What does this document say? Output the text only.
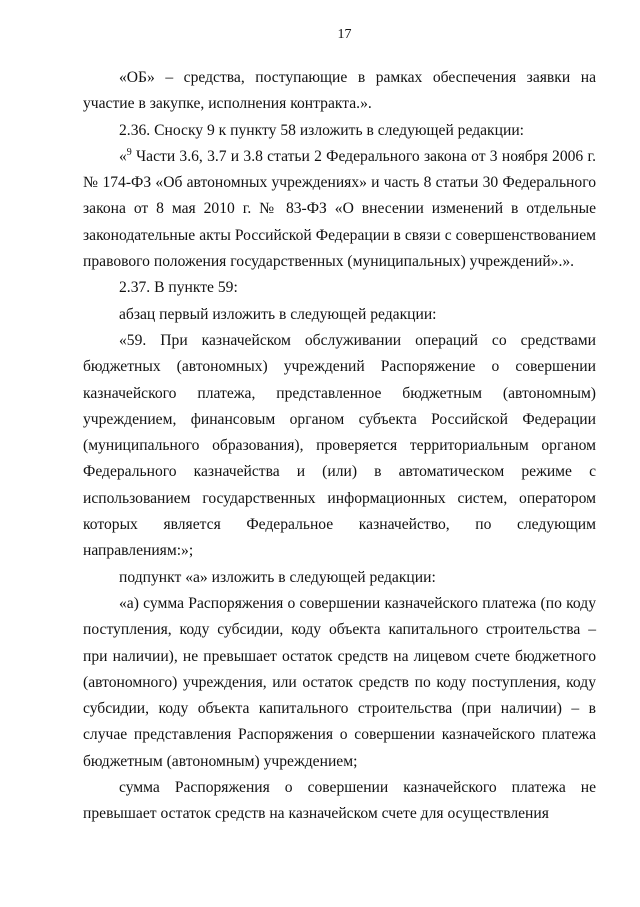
17

«ОБ» – средства, поступающие в рамках обеспечения заявки на участие в закупке, исполнения контракта.».

2.36. Сноску 9 к пункту 58 изложить в следующей редакции:

«$^9$ Части 3.6, 3.7 и 3.8 статьи 2 Федерального закона от 3 ноября 2006 г. № 174-ФЗ «Об автономных учреждениях» и часть 8 статьи 30 Федерального закона от 8 мая 2010 г. № 83-ФЗ «О внесении изменений в отдельные законодательные акты Российской Федерации в связи с совершенствованием правового положения государственных (муниципальных) учреждений».».

2.37. В пункте 59:

абзац первый изложить в следующей редакции:

«59. При казначейском обслуживании операций со средствами бюджетных (автономных) учреждений Распоряжение о совершении казначейского платежа, представленное бюджетным (автономным) учреждением, финансовым органом субъекта Российской Федерации (муниципального образования), проверяется территориальным органом Федерального казначейства и (или) в автоматическом режиме с использованием государственных информационных систем, оператором которых является Федеральное казначейство, по следующим направлениям:»;

подпункт «а» изложить в следующей редакции:

«а) сумма Распоряжения о совершении казначейского платежа (по коду поступления, коду субсидии, коду объекта капитального строительства – при наличии), не превышает остаток средств на лицевом счете бюджетного (автономного) учреждения, или остаток средств по коду поступления, коду субсидии, коду объекта капитального строительства (при наличии) – в случае представления Распоряжения о совершении казначейского платежа бюджетным (автономным) учреждением;

сумма Распоряжения о совершении казначейского платежа не превышает остаток средств на казначейском счете для осуществления
